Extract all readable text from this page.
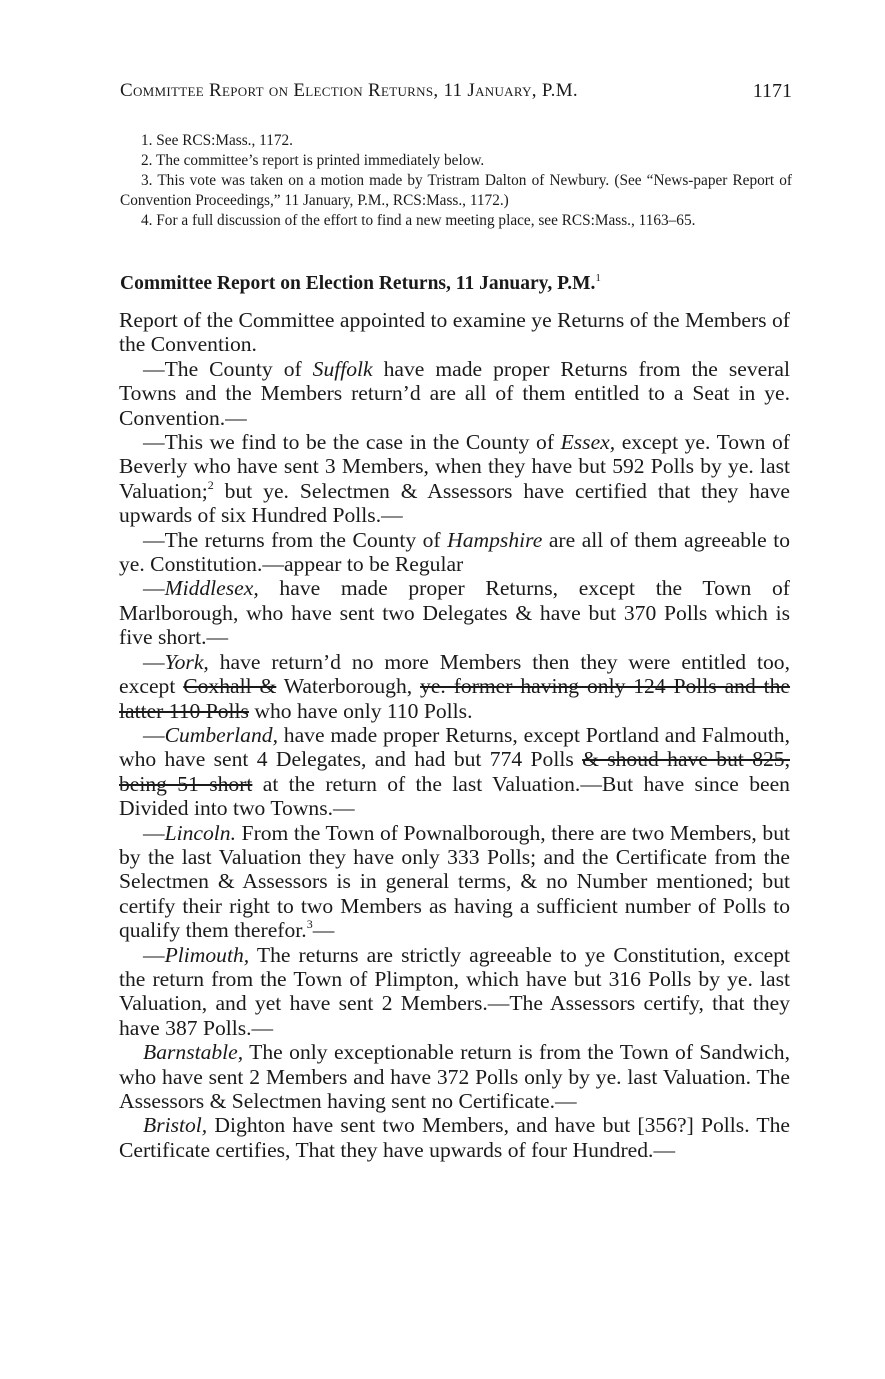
Committee Report on Election Returns, 11 January, P.M.	1171

1. See RCS:Mass., 1172.

2. The committee’s report is printed immediately below.

3. This vote was taken on a motion made by Tristram Dalton of Newbury. (See “News-paper Report of Convention Proceedings,” 11 January, P.M., RCS:Mass., 1172.)

4. For a full discussion of the effort to find a new meeting place, see RCS:Mass., 1163–65.

Committee Report on Election Returns, 11 January, P.M.$^1$

Report of the Committee appointed to examine ye Returns of the Members of the Convention.

—The County of Suffolk have made proper Returns from the several Towns and the Members return’d are all of them entitled to a Seat in ye. Convention.—

—This we find to be the case in the County of Essex, except ye. Town of Beverly who have sent 3 Members, when they have but 592 Polls by ye. last Valuation;$^2$ but ye. Selectmen & Assessors have certified that they have upwards of six Hundred Polls.—

—The returns from the County of Hampshire are all of them agreeable to ye. Constitution.—appear to be Regular

—Middlesex, have made proper Returns, except the Town of Marlborough, who have sent two Delegates & have but 370 Polls which is five short.—

—York, have return’d no more Members then they were entitled too, except Coxhall & Waterborough, ye. former having only 124 Polls and the latter 110 Polls who have only 110 Polls.

—Cumberland, have made proper Returns, except Portland and Falmouth, who have sent 4 Delegates, and had but 774 Polls & shoud have but 825, being 51 short at the return of the last Valuation.—But have since been Divided into two Towns.—

—Lincoln. From the Town of Pownalborough, there are two Members, but by the last Valuation they have only 333 Polls; and the Certificate from the Selectmen & Assessors is in general terms, & no Number mentioned; but certify their right to two Members as having a sufficient number of Polls to qualify them therefor.$^3$—

—Plimouth, The returns are strictly agreeable to ye Constitution, except the return from the Town of Plimpton, which have but 316 Polls by ye. last Valuation, and yet have sent 2 Members.—The Assessors certify, that they have 387 Polls.—

Barnstable, The only exceptionable return is from the Town of Sandwich, who have sent 2 Members and have 372 Polls only by ye. last Valuation. The Assessors & Selectmen having sent no Certificate.—

Bristol, Dighton have sent two Members, and have but [356?] Polls. The Certificate certifies, That they have upwards of four Hundred.—
